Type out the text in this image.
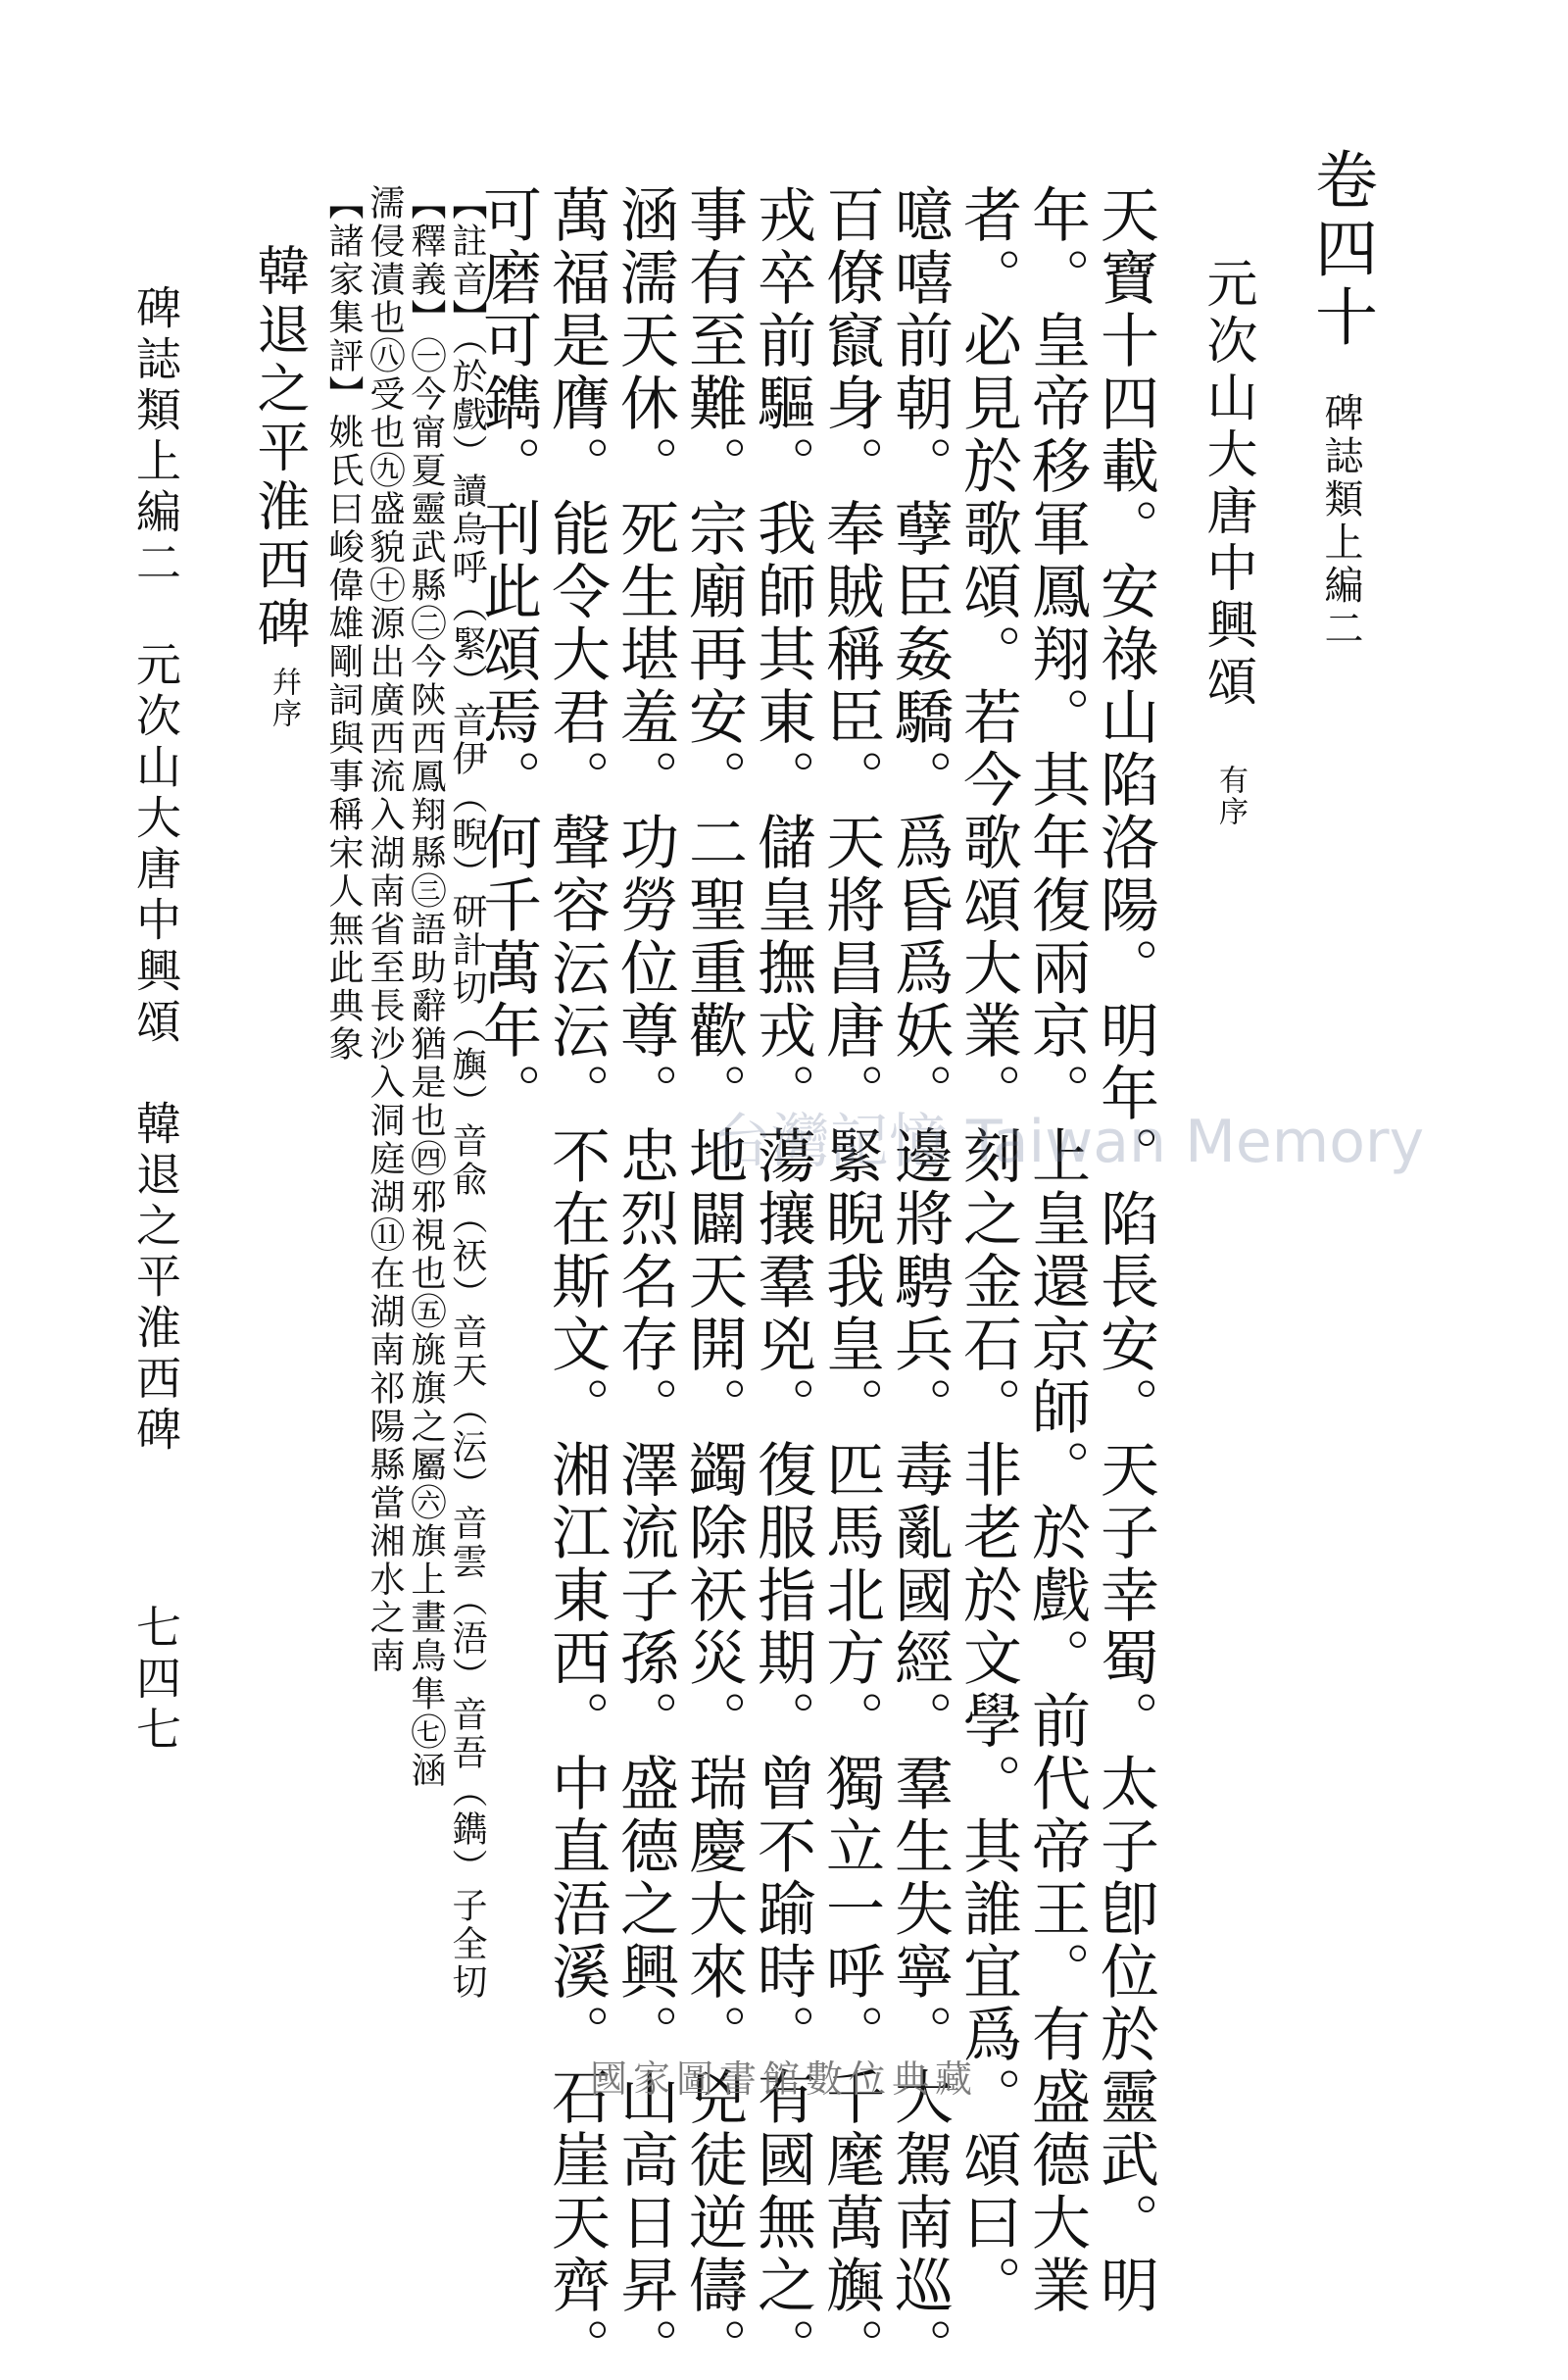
卷四十
碑誌類上編二
元次山大唐中興頌
有序
天寶十四載。安祿山陷洛陽。明年。陷長安。天子幸蜀。太子卽位於靈武。明
年。皇帝移軍鳳翔。其年復兩京。上皇還京師。於戲。前代帝王。有盛德大業
者。必見於歌頌。若今歌頌大業。刻之金石。非老於文學。其誰宜爲。頌曰。
噫嘻前朝。孽臣姦驕。爲昏爲妖。邊將騁兵。毒亂國經。羣生失寧。大駕南巡。
百僚竄身。奉賊稱臣。天將昌唐。緊睨我皇。匹馬北方。獨立一呼。千麾萬旟。
戎卒前驅。我師其東。儲皇撫戎。蕩攘羣兇。復服指期。曾不踰時。有國無之。
事有至難。宗廟再安。二聖重歡。地闢天開。蠲除祆災。瑞慶大來。兇徒逆儔。
涵濡天休。死生堪羞。功勞位尊。忠烈名存。澤流子孫。盛德之興。山高日昇。
萬福是膺。能令大君。聲容沄沄。不在斯文。湘江東西。中直浯溪。石崖天齊。
可磨可鐫。刊此頌焉。何千萬年。
【註音】（於戲）讀烏呼（緊）音伊（睨）研計切（旟）音兪（祆）音天（沄）音雲（浯）音吾（鐫）子全切
【釋義】㊀今甯夏靈武縣㊁今陝西鳳翔縣㊂語助辭猶是也㊃邪視也㊄旐旗之屬㊅旗上畫鳥隼㊆涵
濡侵漬也㊇受也㊈盛貌㊉源出廣西流入湖南省至長沙入洞庭湖⑪在湖南祁陽縣當湘水之南
【諸家集評】姚氏曰峻偉雄剛詞與事稱宋人無此典象
韓退之平淮西碑
幷序
碑誌類上編二　元次山大唐中興頌　韓退之平淮西碑
七四七
台灣記憶 Taiwan Memory
國家圖書館數位典藏
